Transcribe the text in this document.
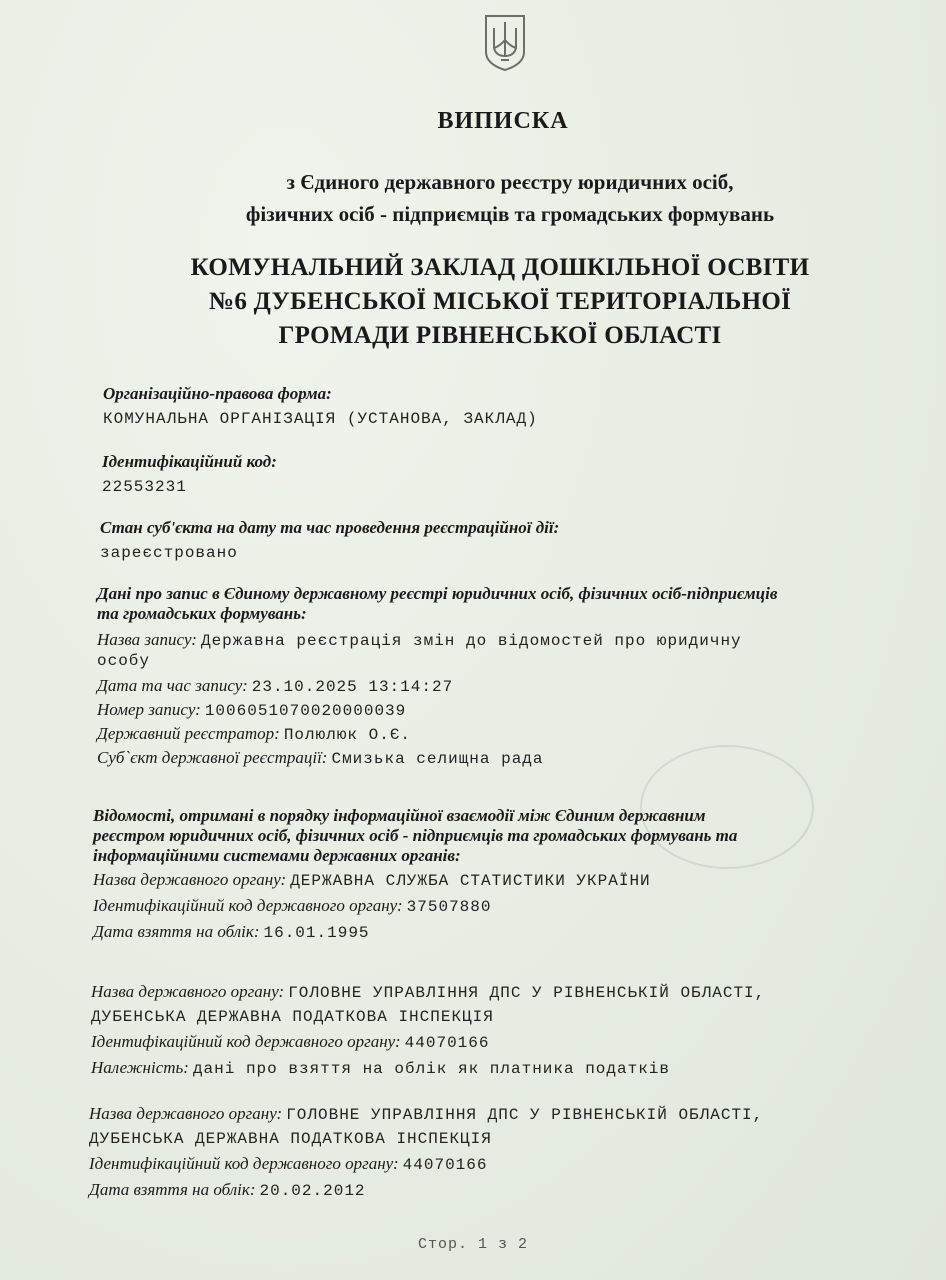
ВИПИСКА
з Єдиного державного реєстру юридичних осіб,
фізичних осіб - підприємців та громадських формувань
КОМУНАЛЬНИЙ ЗАКЛАД ДОШКІЛЬНОЇ ОСВІТИ
№6 ДУБЕНСЬКОЇ МІСЬКОЇ ТЕРИТОРІАЛЬНОЇ
ГРОМАДИ РІВНЕНСЬКОЇ ОБЛАСТІ
Організаційно-правова форма:
КОМУНАЛЬНА ОРГАНІЗАЦІЯ (УСТАНОВА, ЗАКЛАД)
Ідентифікаційний код:
22553231
Стан суб'єкта на дату та час проведення реєстраційної дії:
зареєстровано
Дані про запис в Єдиному державному реєстрі юридичних осіб, фізичних осіб-підприємців
та громадських формувань:
Назва запису: Державна реєстрація змін до відомостей про юридичну
особу
Дата та час запису: 23.10.2025 13:14:27
Номер запису: 1006051070020000039
Державний реєстратор: Полюлюк О.Є.
Суб`єкт державної реєстрації: Смизька селищна рада
Відомості, отримані в порядку інформаційної взаємодії між Єдиним державним
реєстром юридичних осіб, фізичних осіб - підприємців та громадських формувань та
інформаційними системами державних органів:
Назва державного органу: ДЕРЖАВНА СЛУЖБА СТАТИСТИКИ УКРАЇНИ
Ідентифікаційний код державного органу: 37507880
Дата взяття на облік: 16.01.1995
Назва державного органу: ГОЛОВНЕ УПРАВЛІННЯ ДПС У РІВНЕНСЬКІЙ ОБЛАСТІ,
ДУБЕНСЬКА ДЕРЖАВНА ПОДАТКОВА ІНСПЕКЦІЯ
Ідентифікаційний код державного органу: 44070166
Належність: дані про взяття на облік як платника податків
Назва державного органу: ГОЛОВНЕ УПРАВЛІННЯ ДПС У РІВНЕНСЬКІЙ ОБЛАСТІ,
ДУБЕНСЬКА ДЕРЖАВНА ПОДАТКОВА ІНСПЕКЦІЯ
Ідентифікаційний код державного органу: 44070166
Дата взяття на облік: 20.02.2012
Стор. 1 з 2
